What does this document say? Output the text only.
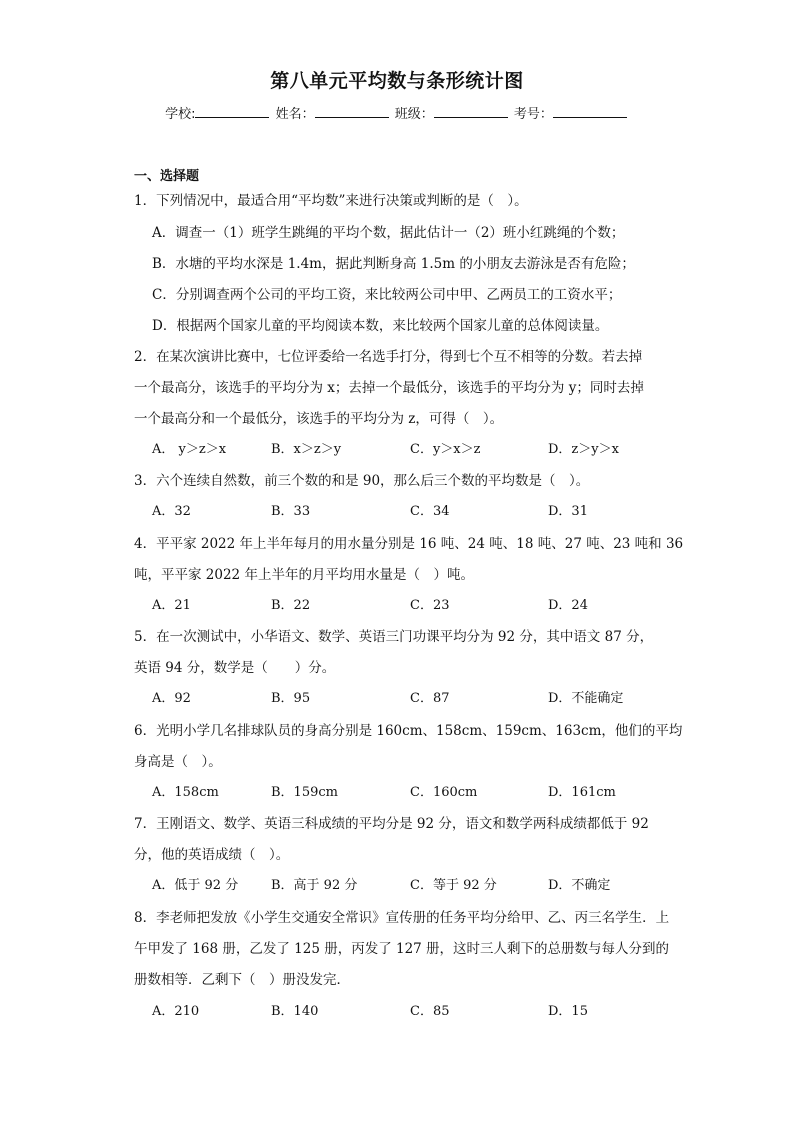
第八单元平均数与条形统计图
学校:	姓名：	班级：	考号：
一、选择题
1．下列情况中，最适合用“平均数”来进行决策或判断的是（　）。
A．调查一（1）班学生跳绳的平均个数，据此估计一（2）班小红跳绳的个数；
B．水塘的平均水深是 1.4m，据此判断身高 1.5m 的小朋友去游泳是否有危险；
C．分别调查两个公司的平均工资，来比较两公司中甲、乙两员工的工资水平；
D．根据两个国家儿童的平均阅读本数，来比较两个国家儿童的总体阅读量。
2．在某次演讲比赛中，七位评委给一名选手打分，得到七个互不相等的分数。若去掉
一个最高分，该选手的平均分为 x；去掉一个最低分，该选手的平均分为 y；同时去掉
一个最高分和一个最低分，该选手的平均分为 z，可得（　）。
A． y＞z＞x	B．x＞z＞y	C．y＞x＞z	D．z＞y＞x
3．六个连续自然数，前三个数的和是 90，那么后三个数的平均数是（　）。
A．32	B．33	C．34	D．31
4．平平家 2022 年上半年每月的用水量分别是 16 吨、24 吨、18 吨、27 吨、23 吨和 36
吨，平平家 2022 年上半年的月平均用水量是（　）吨。
A．21	B．22	C．23	D．24
5．在一次测试中，小华语文、数学、英语三门功课平均分为 92 分，其中语文 87 分，
英语 94 分，数学是（　　）分。
A．92	B．95	C．87	D．不能确定
6．光明小学几名排球队员的身高分别是 160cm、158cm、159cm、163cm，他们的平均
身高是（　）。
A．158cm	B．159cm	C．160cm	D．161cm
7．王刚语文、数学、英语三科成绩的平均分是 92 分，语文和数学两科成绩都低于 92
分，他的英语成绩（　）。
A．低于 92 分	B．高于 92 分	C．等于 92 分	D．不确定
8．李老师把发放《小学生交通安全常识》宣传册的任务平均分给甲、乙、丙三名学生．上
午甲发了 168 册，乙发了 125 册，丙发了 127 册，这时三人剩下的总册数与每人分到的
册数相等．乙剩下（　）册没发完．
A．210	B．140	C．85	D．15
